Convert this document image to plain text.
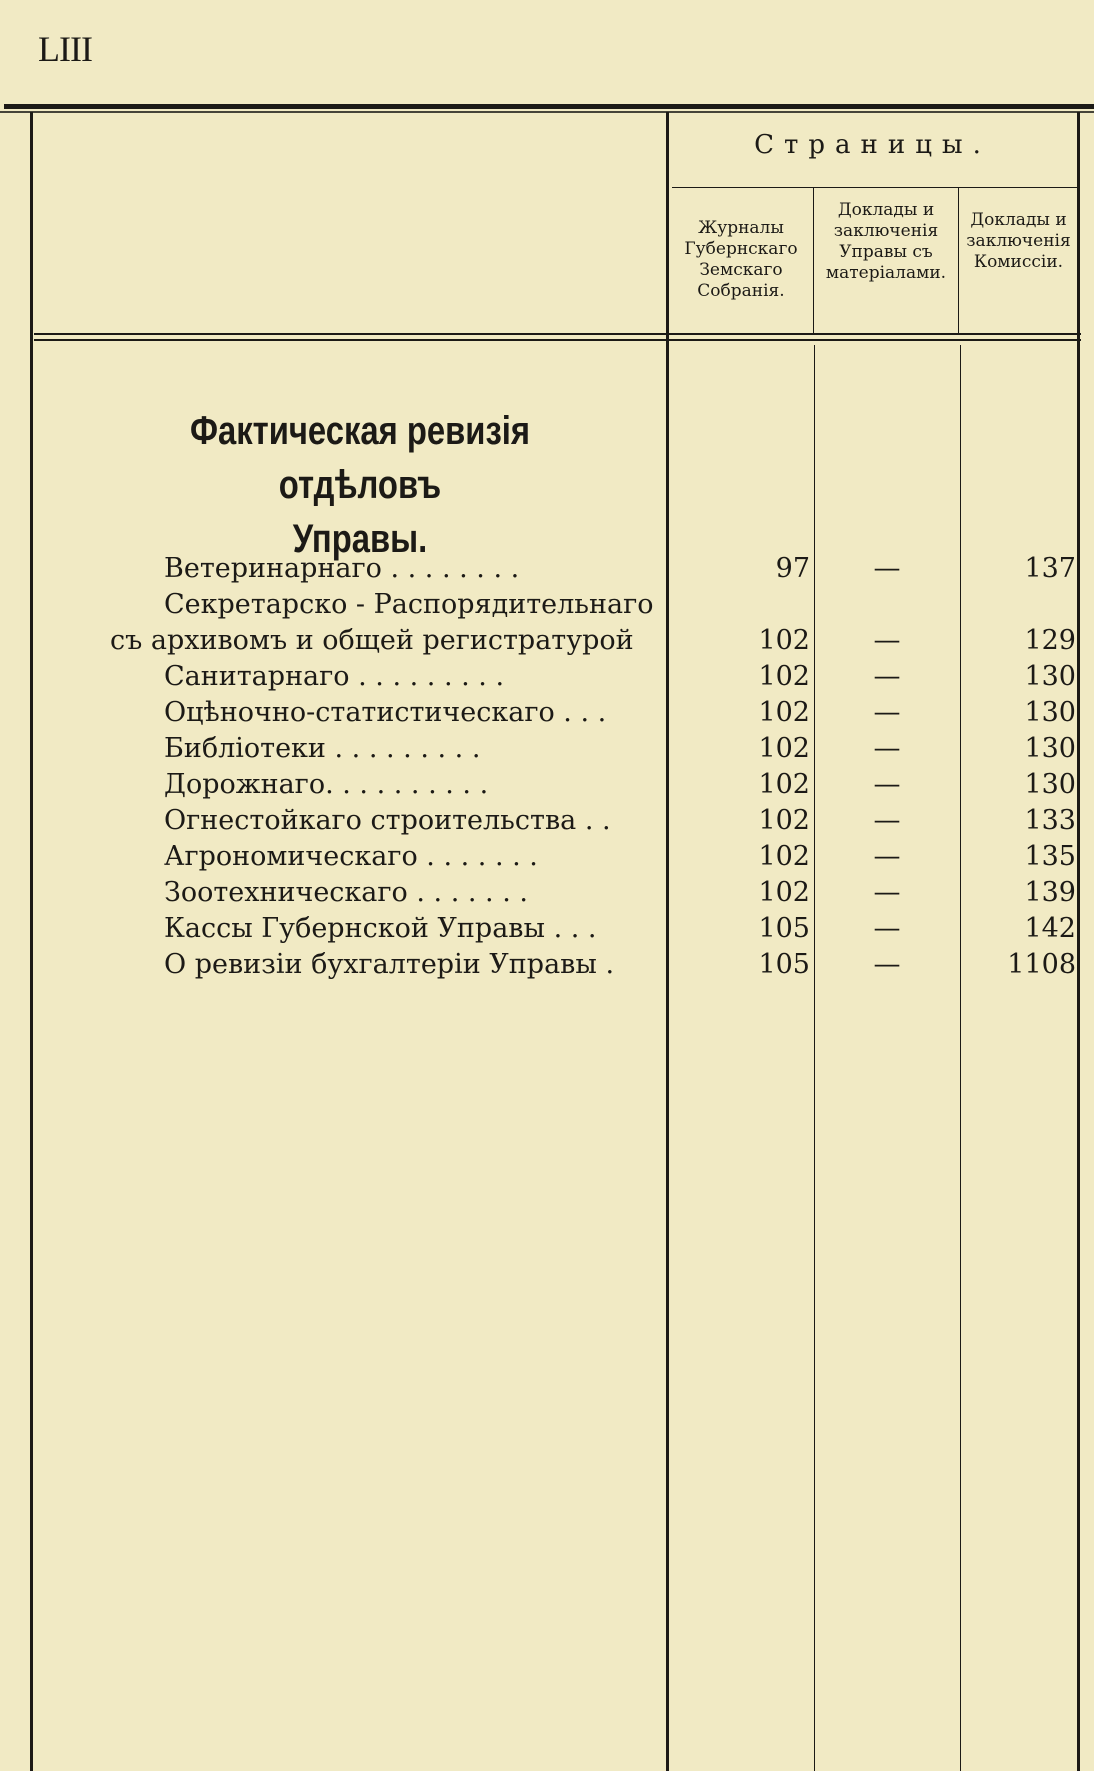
LIII
Страницы.
Журналы Губернскаго Земскаго Собранія.
Доклады и заключенія Управы съ матеріалами.
Доклады и заключенія Комиссіи.
Фактическая ревизія отдѣловъ
Управы.
Ветеринарнаго . . . . . . . .	97	—	137
Секретарско - Распорядительнаго
съ архивомъ и общей регистратурой	102	—	129
Санитарнаго . . . . . . . . .	102	—	130
Оцѣночно-статистическаго . . .	102	—	130
Библіотеки . . . . . . . . .	102	—	130
Дорожнаго. . . . . . . . . .	102	—	130
Огнестойкаго строительства . .	102	—	133
Агрономическаго . . . . . . .	102	—	135
Зоотехническаго . . . . . . .	102	—	139
Кассы Губернской Управы . . .	105	—	142
О ревизіи бухгалтеріи Управы .	105	—	1108
